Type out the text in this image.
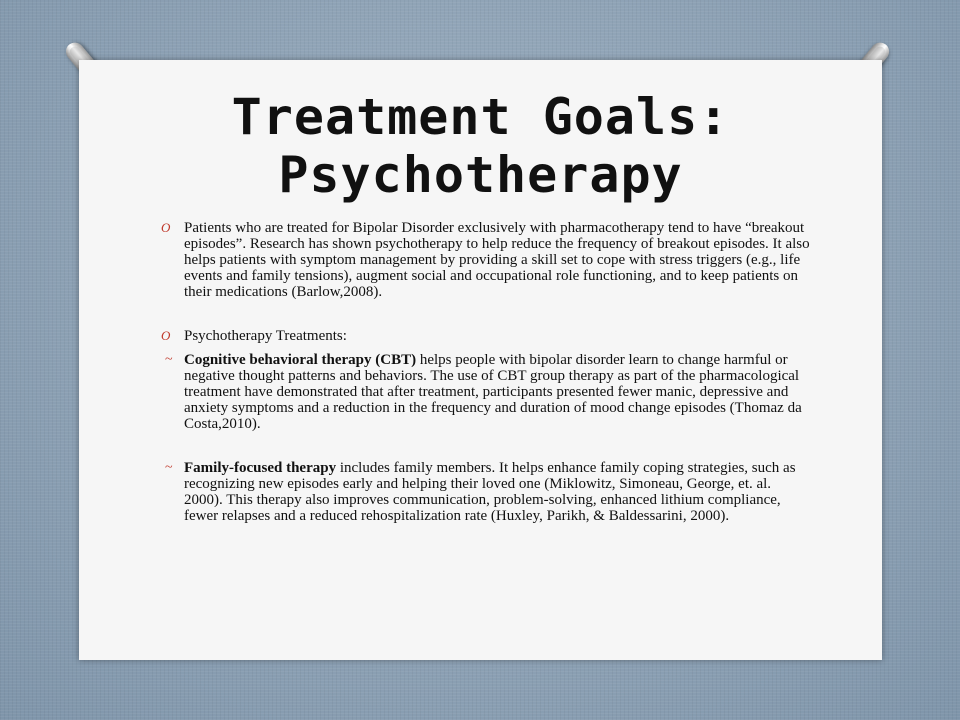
Treatment Goals:
Psychotherapy
O Patients who are treated for Bipolar Disorder exclusively with pharmacotherapy tend to have “breakout episodes”. Research has shown psychotherapy to help reduce the frequency of breakout episodes. It also helps patients with symptom management by providing a skill set to cope with stress triggers (e.g., life events and family tensions), augment social and occupational role functioning, and to keep patients on their medications (Barlow,2008).
O Psychotherapy Treatments:
~ Cognitive behavioral therapy (CBT) helps people with bipolar disorder learn to change harmful or negative thought patterns and behaviors. The use of CBT group therapy as part of the pharmacological treatment have demonstrated that after treatment, participants presented fewer manic, depressive and anxiety symptoms and a reduction in the frequency and duration of mood change episodes (Thomaz da Costa,2010).
~ Family-focused therapy includes family members. It helps enhance family coping strategies, such as recognizing new episodes early and helping their loved one (Miklowitz, Simoneau, George, et. al. 2000). This therapy also improves communication, problem-solving, enhanced lithium compliance, fewer relapses and a reduced rehospitalization rate (Huxley, Parikh, & Baldessarini, 2000).
